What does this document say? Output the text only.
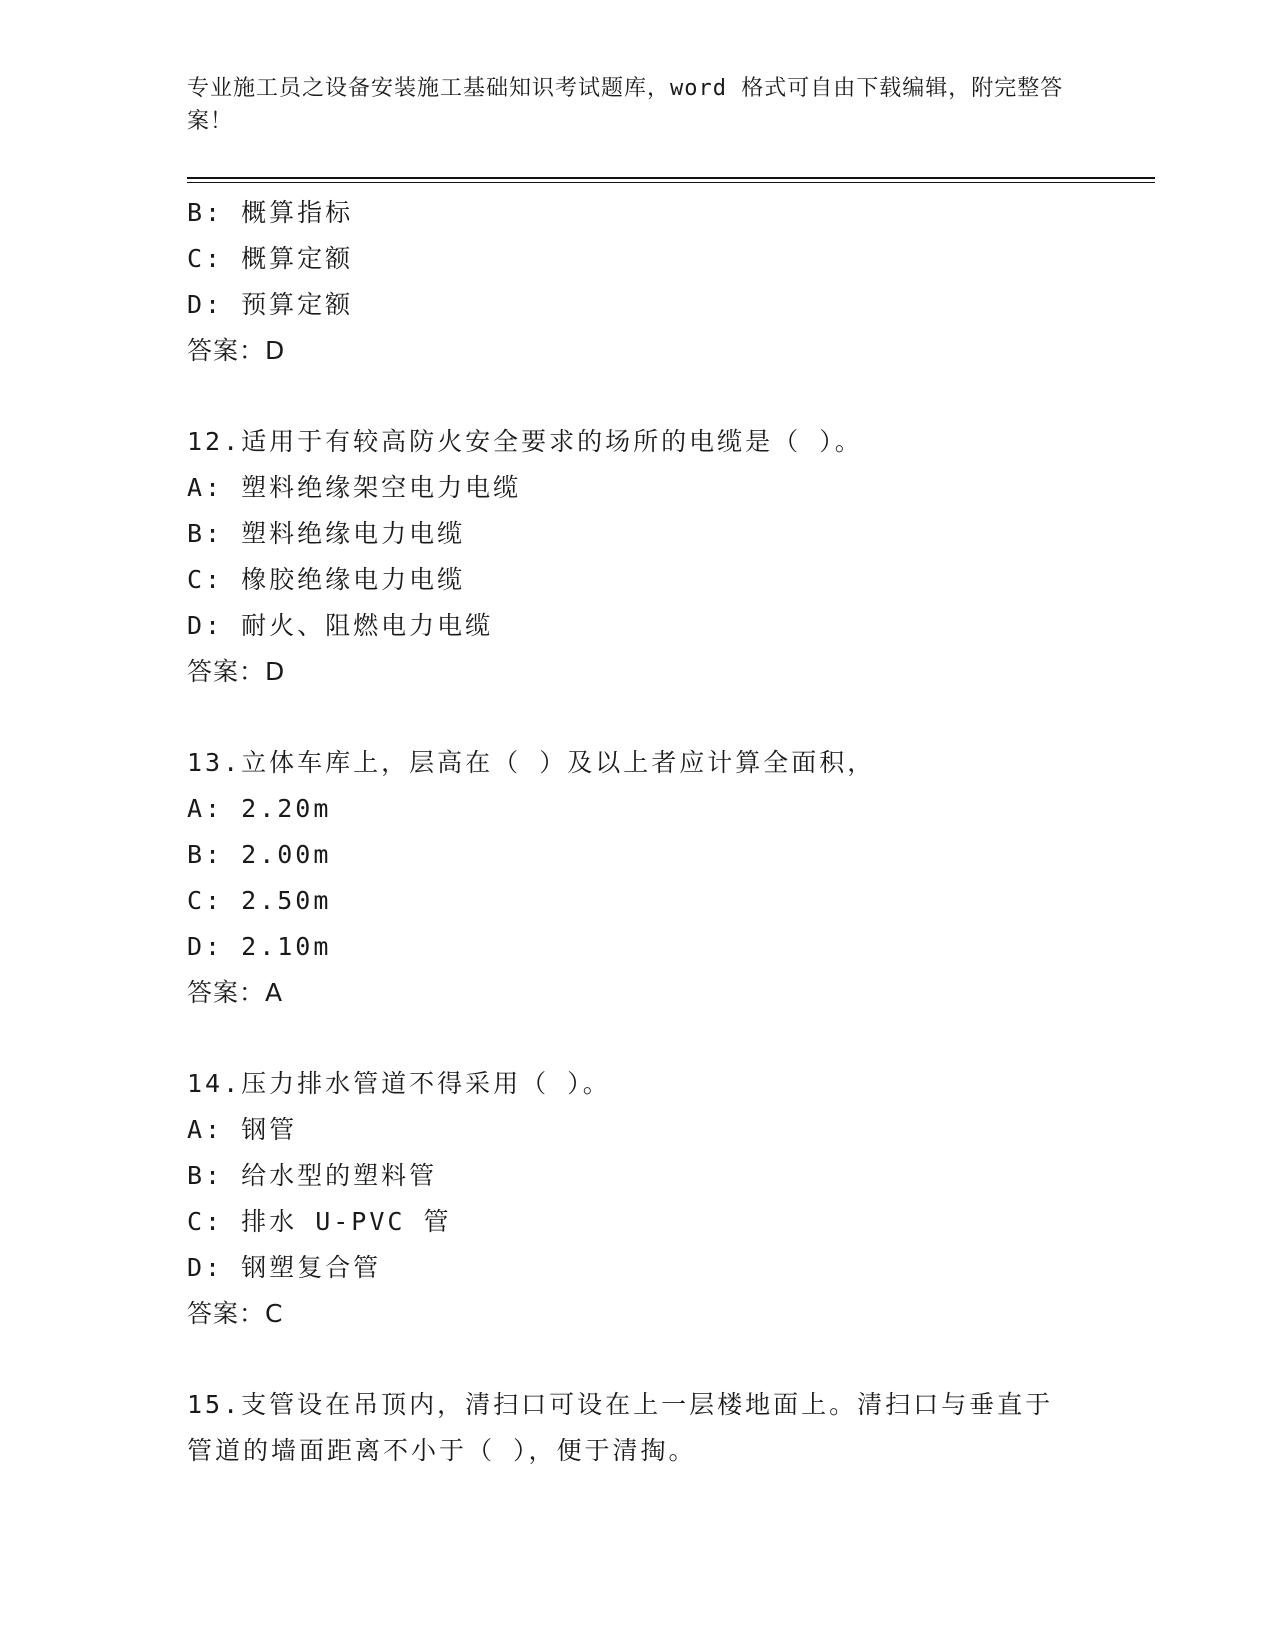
专业施工员之设备安装施工基础知识考试题库，word 格式可自由下载编辑，附完整答案！
B: 概算指标
C: 概算定额
D: 预算定额
答案：D
12.适用于有较高防火安全要求的场所的电缆是（ ）。
A: 塑料绝缘架空电力电缆
B: 塑料绝缘电力电缆
C: 橡胶绝缘电力电缆
D: 耐火、阻燃电力电缆
答案：D
13.立体车库上，层高在（ ）及以上者应计算全面积，
A: 2.20m
B: 2.00m
C: 2.50m
D: 2.10m
答案：A
14.压力排水管道不得采用（ ）。
A: 钢管
B: 给水型的塑料管
C: 排水 U-PVC 管
D: 钢塑复合管
答案：C
15.支管设在吊顶内，清扫口可设在上一层楼地面上。清扫口与垂直于
管道的墙面距离不小于（ ），便于清掏。
